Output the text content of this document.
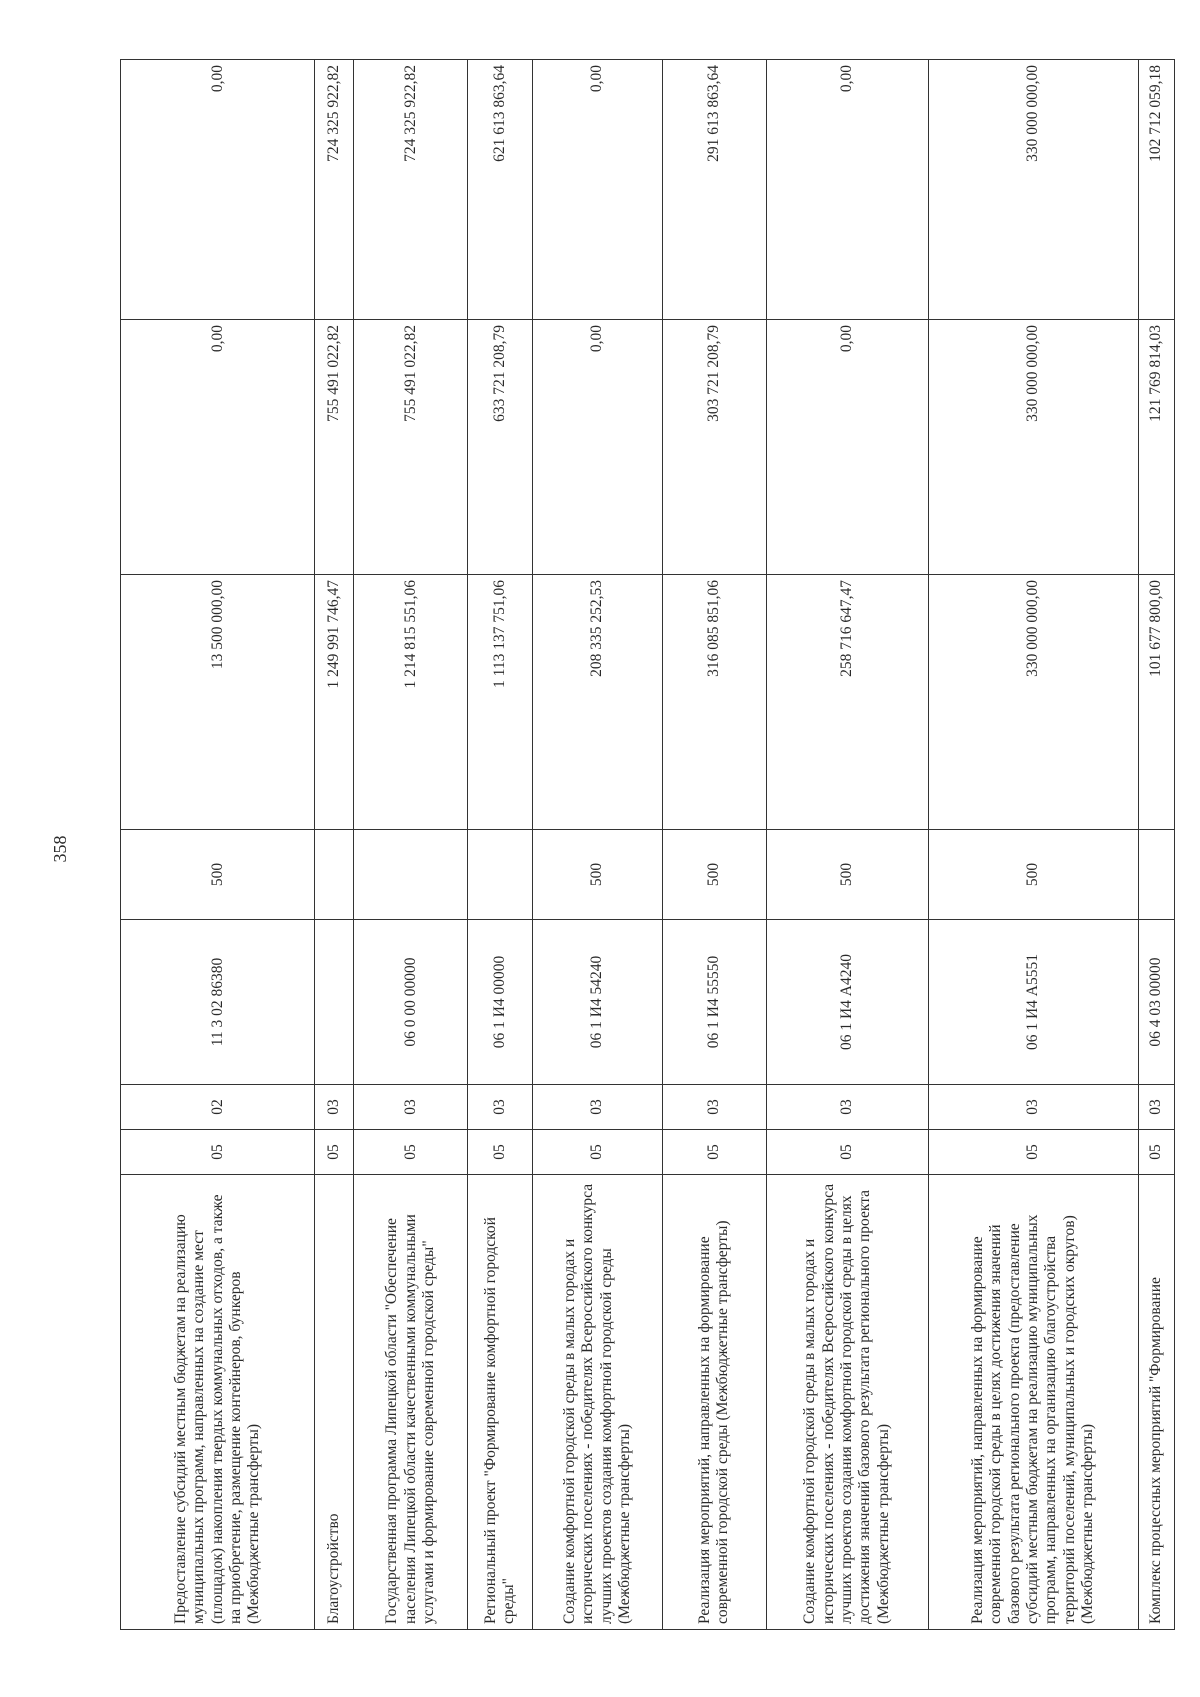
358
Предоставление субсидий местным бюджетам на реализацию муниципальных программ, направленных на создание мест (площадок) накопления твердых коммунальных отходов, а также на приобретение, размещение контейнеров, бункеров (Межбюджетные трансферты)	05	02	11 3 02 86380	500	13 500 000,00	0,00	0,00
Благоустройство	05	03			1 249 991 746,47	755 491 022,82	724 325 922,82
Государственная программа Липецкой области "Обеспечение населения Липецкой области качественными коммунальными услугами и формирование современной городской среды"	05	03	06 0 00 00000		1 214 815 551,06	755 491 022,82	724 325 922,82
Региональный проект "Формирование комфортной городской среды"	05	03	06 1 И4 00000		1 113 137 751,06	633 721 208,79	621 613 863,64
Создание комфортной городской среды в малых городах и исторических поселениях - победителях Всероссийского конкурса лучших проектов создания комфортной городской среды (Межбюджетные трансферты)	05	03	06 1 И4 54240	500	208 335 252,53	0,00	0,00
Реализация мероприятий, направленных на формирование современной городской среды (Межбюджетные трансферты)	05	03	06 1 И4 55550	500	316 085 851,06	303 721 208,79	291 613 863,64
Создание комфортной городской среды в малых городах и исторических поселениях - победителях Всероссийского конкурса лучших проектов создания комфортной городской среды в целях достижения значений базового результата регионального проекта (Межбюджетные трансферты)	05	03	06 1 И4 А4240	500	258 716 647,47	0,00	0,00
Реализация мероприятий, направленных на формирование современной городской среды в целях достижения значений базового результата регионального проекта (предоставление субсидий местным бюджетам на реализацию муниципальных программ, направленных на организацию благоустройства территорий поселений, муниципальных и городских округов) (Межбюджетные трансферты)	05	03	06 1 И4 А5551	500	330 000 000,00	330 000 000,00	330 000 000,00
Комплекс процессных мероприятий "Формирование	05	03	06 4 03 00000		101 677 800,00	121 769 814,03	102 712 059,18
